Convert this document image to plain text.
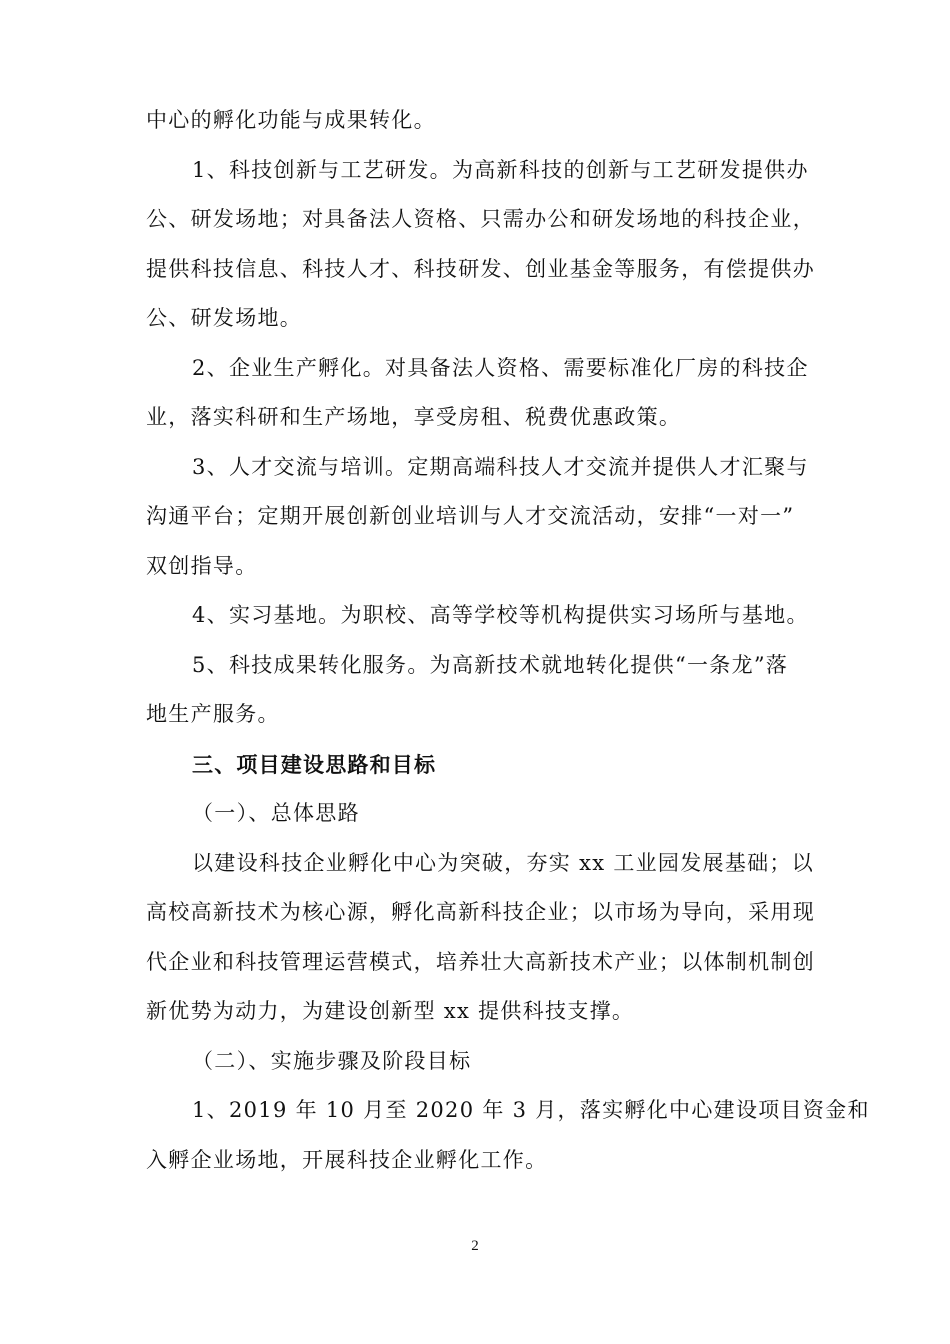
中心的孵化功能与成果转化。
1、科技创新与工艺研发。为高新科技的创新与工艺研发提供办
公、研发场地；对具备法人资格、只需办公和研发场地的科技企业，
提供科技信息、科技人才、科技研发、创业基金等服务，有偿提供办
公、研发场地。
2、企业生产孵化。对具备法人资格、需要标准化厂房的科技企
业，落实科研和生产场地，享受房租、税费优惠政策。
3、人才交流与培训。定期高端科技人才交流并提供人才汇聚与
沟通平台；定期开展创新创业培训与人才交流活动，安排“一对一”
双创指导。
4、实习基地。为职校、高等学校等机构提供实习场所与基地。
5、科技成果转化服务。为高新技术就地转化提供“一条龙”落
地生产服务。
三、项目建设思路和目标
（一）、总体思路
以建设科技企业孵化中心为突破，夯实 xx 工业园发展基础；以
高校高新技术为核心源，孵化高新科技企业；以市场为导向，采用现
代企业和科技管理运营模式，培养壮大高新技术产业；以体制机制创
新优势为动力，为建设创新型 xx 提供科技支撑。
（二）、实施步骤及阶段目标
1、2019 年 10 月至 2020 年 3 月，落实孵化中心建设项目资金和
入孵企业场地，开展科技企业孵化工作。
2
